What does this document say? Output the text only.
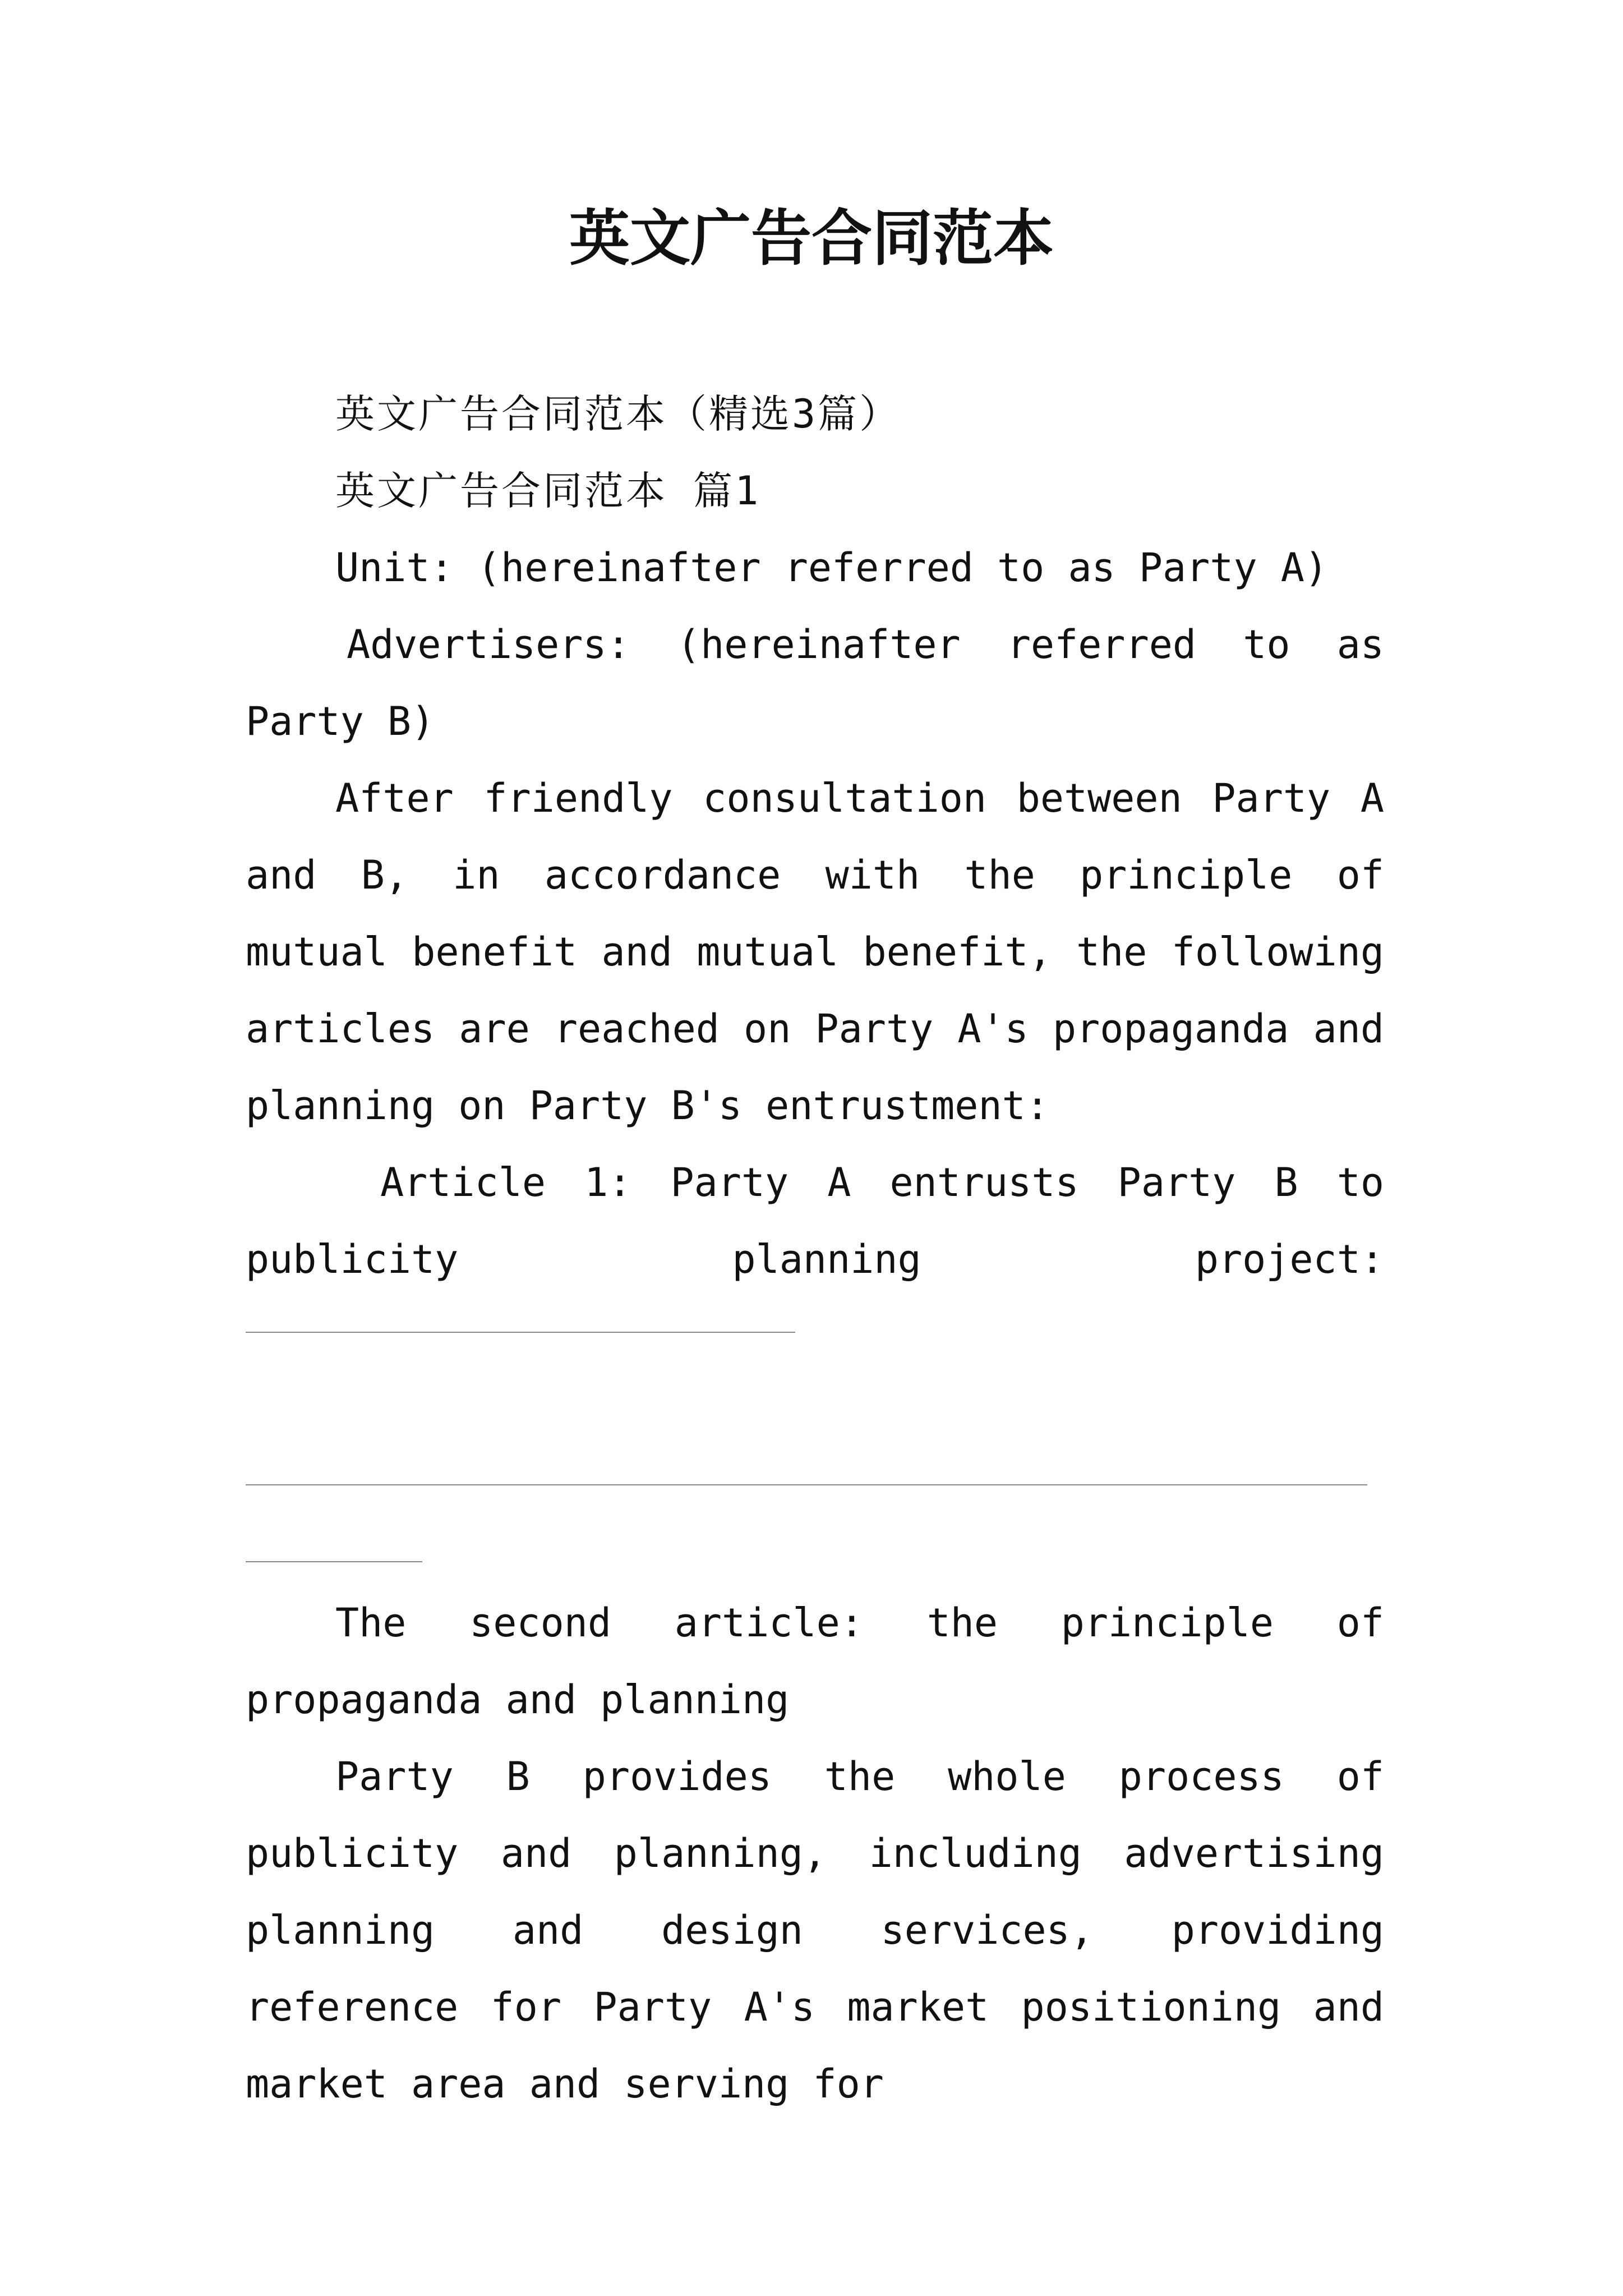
英文广告合同范本

英文广告合同范本（精选3篇）

英文广告合同范本 篇1

Unit: (hereinafter referred to as Party A)

Advertisers: (hereinafter referred to as Party B)

After friendly consultation between Party A and B, in accordance with the principle of mutual benefit and mutual benefit, the following articles are reached on Party A's propaganda and planning on Party B's entrustment:

Article 1: Party A entrusts Party B to publicity planning project:

The second article: the principle of propaganda and planning

Party B provides the whole process of publicity and planning, including advertising planning and design services, providing reference for Party A's market positioning and market area and serving for
